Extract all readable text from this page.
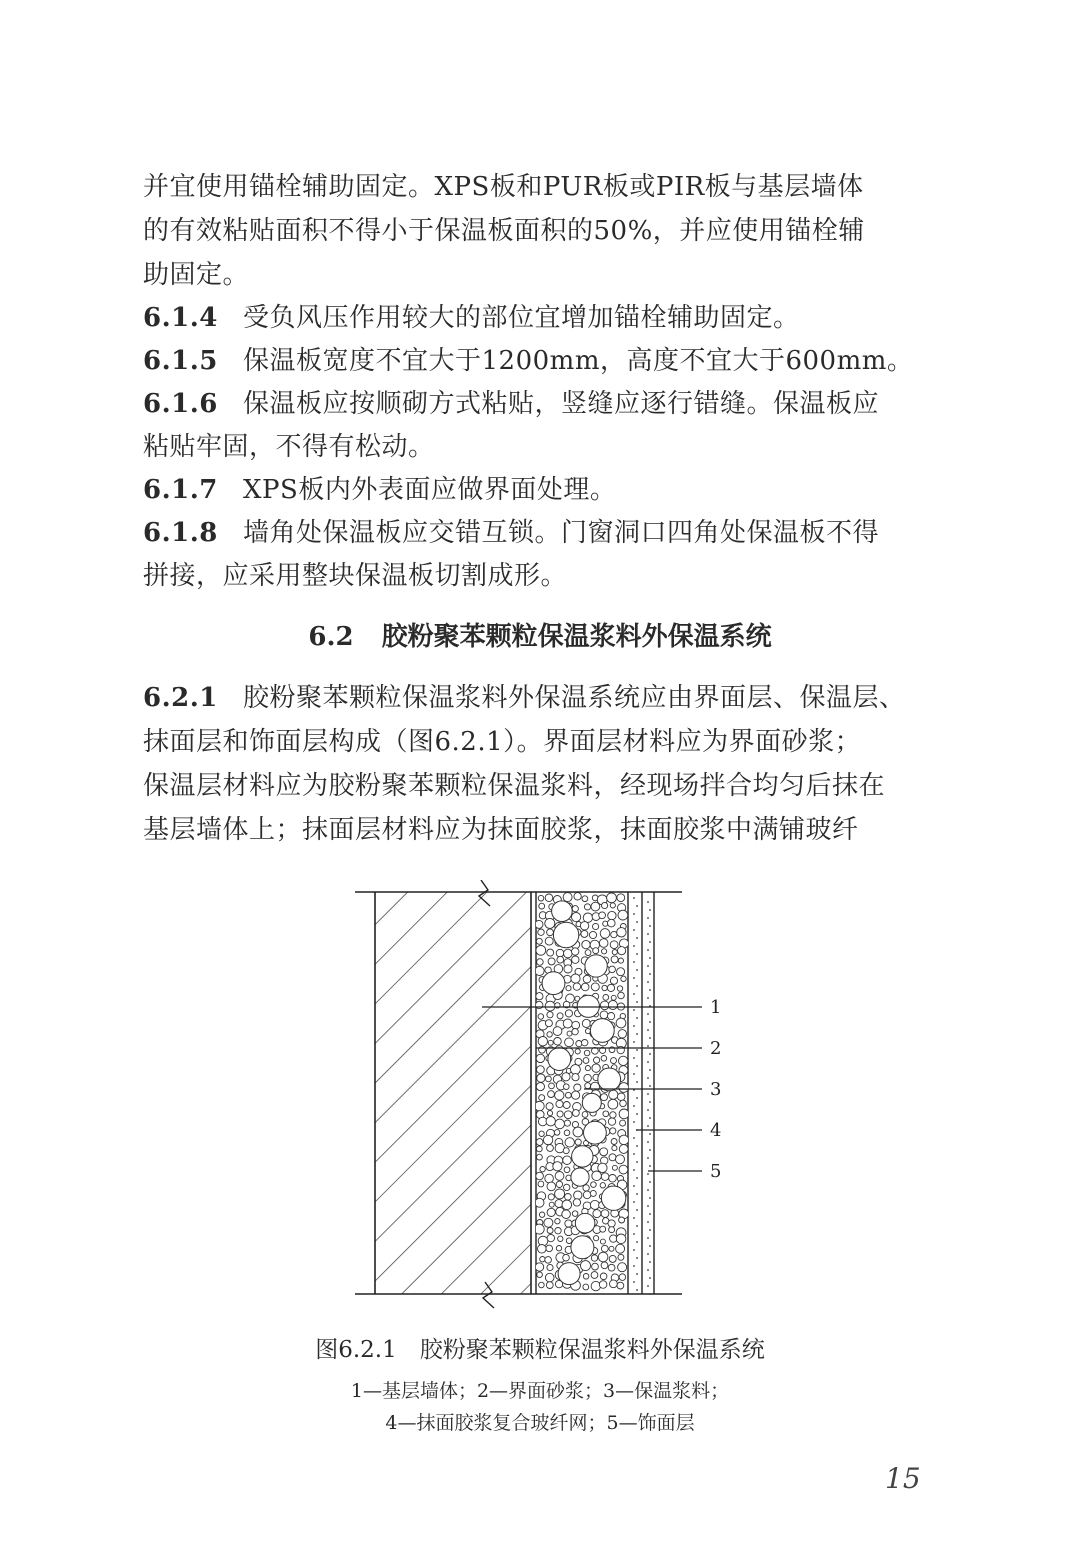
并宜使用锚栓辅助固定。XPS板和PUR板或PIR板与基层墙体
的有效粘贴面积不得小于保温板面积的50%，并应使用锚栓辅
助固定。
6.1.4 受负风压作用较大的部位宜增加锚栓辅助固定。
6.1.5 保温板宽度不宜大于1200mm，高度不宜大于600mm。
6.1.6 保温板应按顺砌方式粘贴，竖缝应逐行错缝。保温板应
粘贴牢固，不得有松动。
6.1.7 XPS板内外表面应做界面处理。
6.1.8 墙角处保温板应交错互锁。门窗洞口四角处保温板不得
拼接，应采用整块保温板切割成形。
6.2 胶粉聚苯颗粒保温浆料外保温系统
6.2.1 胶粉聚苯颗粒保温浆料外保温系统应由界面层、保温层、
抹面层和饰面层构成（图6.2.1）。界面层材料应为界面砂浆；
保温层材料应为胶粉聚苯颗粒保温浆料，经现场拌合均匀后抹在
基层墙体上；抹面层材料应为抹面胶浆，抹面胶浆中满铺玻纤
1
2
3
4
5
图6.2.1　胶粉聚苯颗粒保温浆料外保温系统
1—基层墙体；2—界面砂浆；3—保温浆料；
4—抹面胶浆复合玻纤网；5—饰面层
15
